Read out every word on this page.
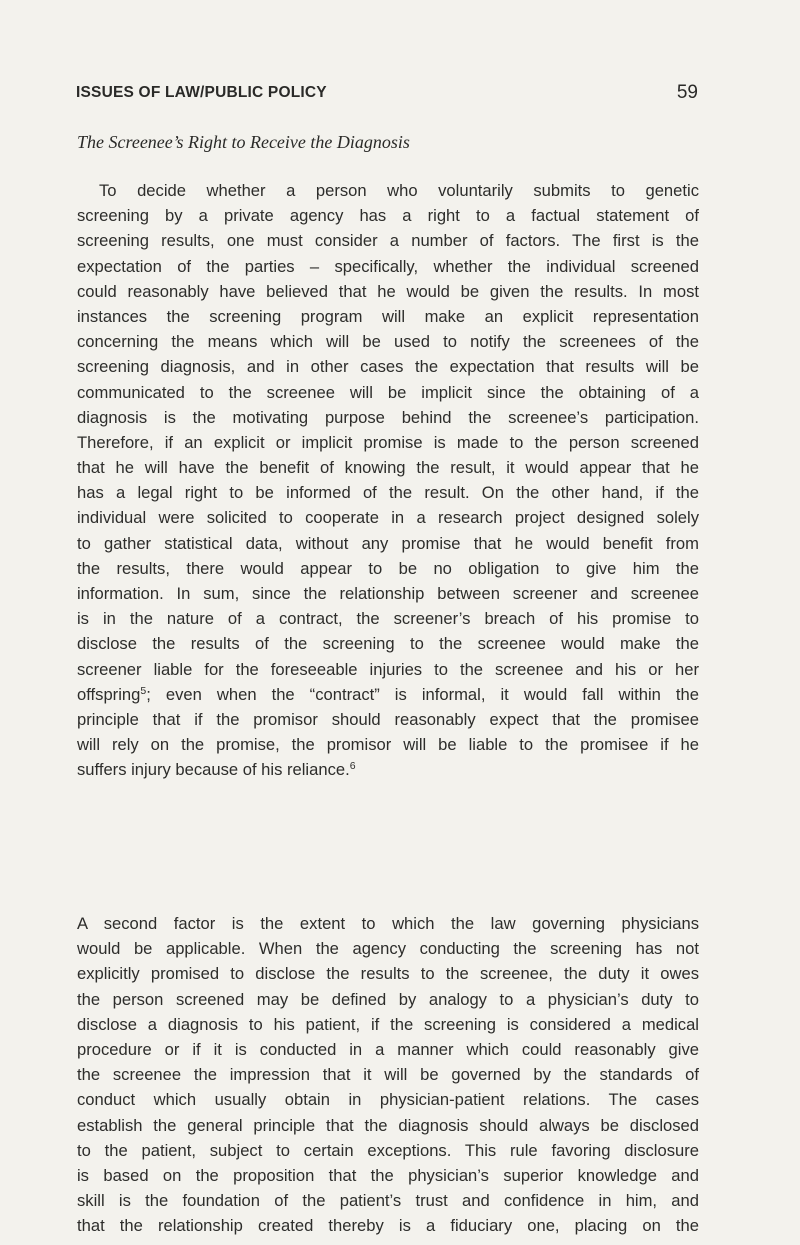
ISSUES OF LAW/PUBLIC POLICY	59
The Screenee’s Right to Receive the Diagnosis
To decide whether a person who voluntarily submits to genetic
screening by a private agency has a right to a factual statement of
screening results, one must consider a number of factors. The first is the
expectation of the parties – specifically, whether the individual screened
could reasonably have believed that he would be given the results. In most
instances the screening program will make an explicit representation
concerning the means which will be used to notify the screenees of the
screening diagnosis, and in other cases the expectation that results will be
communicated to the screenee will be implicit since the obtaining of a
diagnosis is the motivating purpose behind the screenee’s participation.
Therefore, if an explicit or implicit promise is made to the person screened
that he will have the benefit of knowing the result, it would appear that he
has a legal right to be informed of the result. On the other hand, if the
individual were solicited to cooperate in a research project designed solely
to gather statistical data, without any promise that he would benefit from
the results, there would appear to be no obligation to give him the
information. In sum, since the relationship between screener and screenee
is in the nature of a contract, the screener’s breach of his promise to
disclose the results of the screening to the screenee would make the
screener liable for the foreseeable injuries to the screenee and his or her
offspring$^5$; even when the “contract” is informal, it would fall within the
principle that if the promisor should reasonably expect that the promisee
will rely on the promise, the promisor will be liable to the promisee if he
suffers injury because of his reliance.$^6$
A second factor is the extent to which the law governing physicians
would be applicable. When the agency conducting the screening has not
explicitly promised to disclose the results to the screenee, the duty it owes
the person screened may be defined by analogy to a physician’s duty to
disclose a diagnosis to his patient, if the screening is considered a medical
procedure or if it is conducted in a manner which could reasonably give
the screenee the impression that it will be governed by the standards of
conduct which usually obtain in physician-patient relations. The cases
establish the general principle that the diagnosis should always be disclosed
to the patient, subject to certain exceptions. This rule favoring disclosure
is based on the proposition that the physician’s superior knowledge and
skill is the foundation of the patient’s trust and confidence in him, and
that the relationship created thereby is a fiduciary one, placing on the
